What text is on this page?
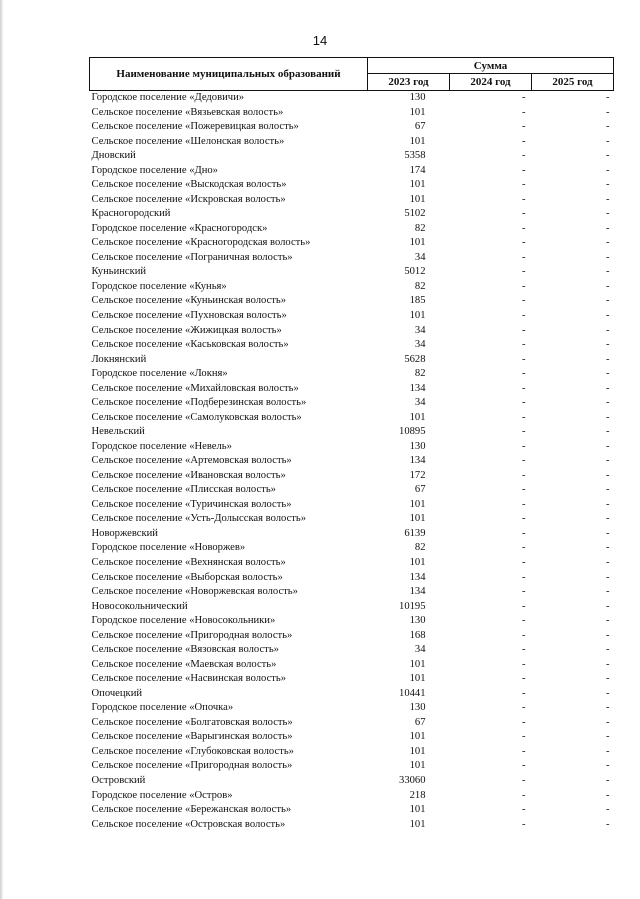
14
Наименование муниципальных образований	Сумма		
	2023 год	2024 год	2025 год
Городское поселение «Дедовичи»	130	-	-
Сельское поселение «Вязьевская волость»	101	-	-
Сельское поселение «Пожеревицкая волость»	67	-	-
Сельское поселение «Шелонская волость»	101	-	-
Дновский	5358	-	-
Городское поселение «Дно»	174	-	-
Сельское поселение «Выскодская волость»	101	-	-
Сельское поселение «Искровская волость»	101	-	-
Красногородский	5102	-	-
Городское поселение «Красногородск»	82	-	-
Сельское поселение «Красногородская волость»	101	-	-
Сельское поселение «Пограничная волость»	34	-	-
Куньинский	5012	-	-
Городское поселение «Кунья»	82	-	-
Сельское поселение «Куньинская волость»	185	-	-
Сельское поселение «Пухновская волость»	101	-	-
Сельское поселение «Жижицкая волость»	34	-	-
Сельское поселение «Каськовская волость»	34	-	-
Локнянский	5628	-	-
Городское поселение «Локня»	82	-	-
Сельское поселение «Михайловская волость»	134	-	-
Сельское поселение «Подберезинская волость»	34	-	-
Сельское поселение «Самолуковская волость»	101	-	-
Невельский	10895	-	-
Городское поселение «Невель»	130	-	-
Сельское поселение «Артемовская волость»	134	-	-
Сельское поселение «Ивановская волость»	172	-	-
Сельское поселение «Плисская волость»	67	-	-
Сельское поселение «Туричинская волость»	101	-	-
Сельское поселение «Усть-Долысская волость»	101	-	-
Новоржевский	6139	-	-
Городское поселение «Новоржев»	82	-	-
Сельское поселение «Вехнянская волость»	101	-	-
Сельское поселение «Выборская волость»	134	-	-
Сельское поселение «Новоржевская волость»	134	-	-
Новосокольнический	10195	-	-
Городское поселение «Новосокольники»	130	-	-
Сельское поселение «Пригородная волость»	168	-	-
Сельское поселение «Вязовская волость»	34	-	-
Сельское поселение «Маевская волость»	101	-	-
Сельское поселение «Насвинская волость»	101	-	-
Опочецкий	10441	-	-
Городское поселение «Опочка»	130	-	-
Сельское поселение «Болгатовская волость»	67	-	-
Сельское поселение «Варыгинская волость»	101	-	-
Сельское поселение «Глубоковская волость»	101	-	-
Сельское поселение «Пригородная волость»	101	-	-
Островский	33060	-	-
Городское поселение «Остров»	218	-	-
Сельское поселение «Бережанская волость»	101	-	-
Сельское поселение «Островская волость»	101	-	-
